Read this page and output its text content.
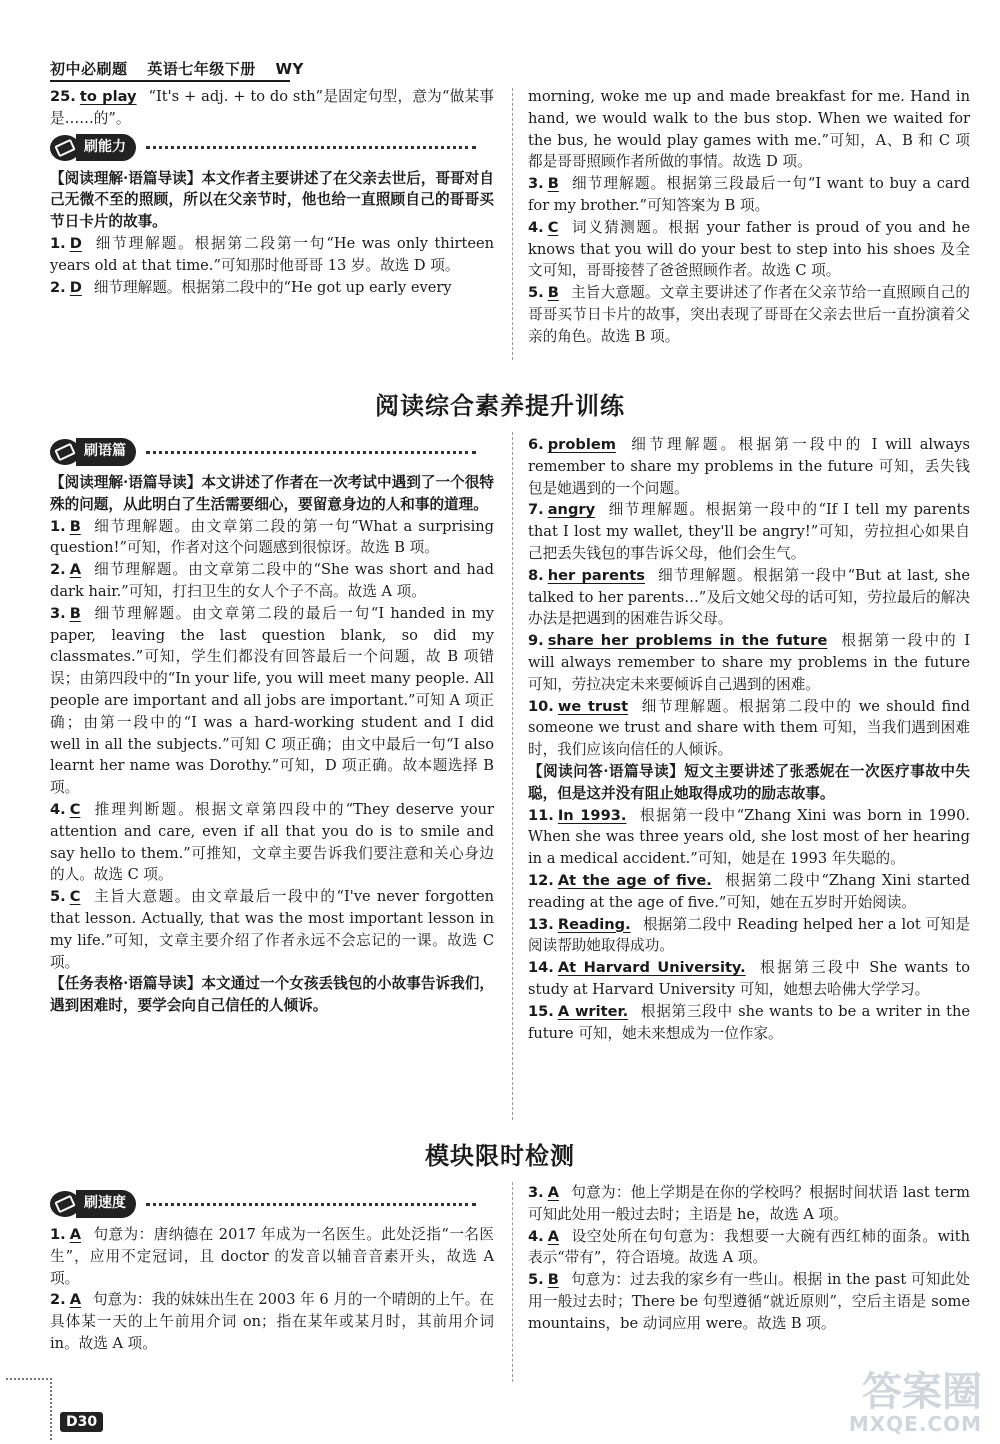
初中必刷题 英语七年级下册 WY

25. to play “It's + adj. + to do sth”是固定句型，意为“做某事是……的”。

刷能力

【阅读理解·语篇导读】本文作者主要讲述了在父亲去世后，哥哥对自己无微不至的照顾，所以在父亲节时，他也给一直照顾自己的哥哥买节日卡片的故事。

1. D 细节理解题。根据第二段第一句“He was only thirteen years old at that time.”可知那时他哥哥 13 岁。故选 D 项。

2. D 细节理解题。根据第二段中的“He got up early every

morning, woke me up and made breakfast for me. Hand in hand, we would walk to the bus stop. When we waited for the bus, he would play games with me.”可知，A、B 和 C 项都是哥哥照顾作者所做的事情。故选 D 项。

3. B 细节理解题。根据第三段最后一句“I want to buy a card for my brother.”可知答案为 B 项。

4. C 词义猜测题。根据 your father is proud of you and he knows that you will do your best to step into his shoes 及全文可知，哥哥接替了爸爸照顾作者。故选 C 项。

5. B 主旨大意题。文章主要讲述了作者在父亲节给一直照顾自己的哥哥买节日卡片的故事，突出表现了哥哥在父亲去世后一直扮演着父亲的角色。故选 B 项。

阅读综合素养提升训练
刷语篇

【阅读理解·语篇导读】本文讲述了作者在一次考试中遇到了一个很特殊的问题，从此明白了生活需要细心，要留意身边的人和事的道理。

1. B 细节理解题。由文章第二段的第一句“What a surprising question!”可知，作者对这个问题感到很惊讶。故选 B 项。

2. A 细节理解题。由文章第二段中的“She was short and had dark hair.”可知，打扫卫生的女人个子不高。故选 A 项。

3. B 细节理解题。由文章第二段的最后一句“I handed in my paper, leaving the last question blank, so did my classmates.”可知，学生们都没有回答最后一个问题，故 B 项错误；由第四段中的“In your life, you will meet many people. All people are important and all jobs are important.”可知 A 项正确；由第一段中的“I was a hard-working student and I did well in all the subjects.”可知 C 项正确；由文中最后一句“I also learnt her name was Dorothy.”可知，D 项正确。故本题选择 B 项。

4. C 推理判断题。根据文章第四段中的“They deserve your attention and care, even if all that you do is to smile and say hello to them.”可推知，文章主要告诉我们要注意和关心身边的人。故选 C 项。

5. C 主旨大意题。由文章最后一段中的“I've never forgotten that lesson. Actually, that was the most important lesson in my life.”可知，文章主要介绍了作者永远不会忘记的一课。故选 C 项。

【任务表格·语篇导读】本文通过一个女孩丢钱包的小故事告诉我们，遇到困难时，要学会向自己信任的人倾诉。

6. problem 细节理解题。根据第一段中的 I will always remember to share my problems in the future 可知，丢失钱包是她遇到的一个问题。

7. angry 细节理解题。根据第一段中的“If I tell my parents that I lost my wallet, they'll be angry!”可知，劳拉担心如果自己把丢失钱包的事告诉父母，他们会生气。

8. her parents 细节理解题。根据第一段中“But at last, she talked to her parents…”及后文她父母的话可知，劳拉最后的解决办法是把遇到的困难告诉父母。

9. share her problems in the future 根据第一段中的 I will always remember to share my problems in the future 可知，劳拉决定未来要倾诉自己遇到的困难。

10. we trust 细节理解题。根据第二段中的 we should find someone we trust and share with them 可知，当我们遇到困难时，我们应该向信任的人倾诉。

【阅读问答·语篇导读】短文主要讲述了张悉妮在一次医疗事故中失聪，但是这并没有阻止她取得成功的励志故事。

11. In 1993. 根据第一段中“Zhang Xini was born in 1990. When she was three years old, she lost most of her hearing in a medical accident.”可知，她是在 1993 年失聪的。

12. At the age of five. 根据第二段中“Zhang Xini started reading at the age of five.”可知，她在五岁时开始阅读。

13. Reading. 根据第二段中 Reading helped her a lot 可知是阅读帮助她取得成功。

14. At Harvard University. 根据第三段中 She wants to study at Harvard University 可知，她想去哈佛大学学习。

15. A writer. 根据第三段中 she wants to be a writer in the future 可知，她未来想成为一位作家。

模块限时检测
刷速度

1. A 句意为：唐纳德在 2017 年成为一名医生。此处泛指“一名医生”，应用不定冠词，且 doctor 的发音以辅音音素开头，故选 A 项。

2. A 句意为：我的妹妹出生在 2003 年 6 月的一个晴朗的上午。在具体某一天的上午前用介词 on；指在某年或某月时，其前用介词 in。故选 A 项。

3. A 句意为：他上学期是在你的学校吗？根据时间状语 last term 可知此处用一般过去时；主语是 he，故选 A 项。

4. A 设空处所在句句意为：我想要一大碗有西红柿的面条。with 表示“带有”，符合语境。故选 A 项。

5. B 句意为：过去我的家乡有一些山。根据 in the past 可知此处用一般过去时；There be 句型遵循“就近原则”，空后主语是 some mountains，be 动词应用 were。故选 B 项。

D30
答案圈
MXQE.COM
